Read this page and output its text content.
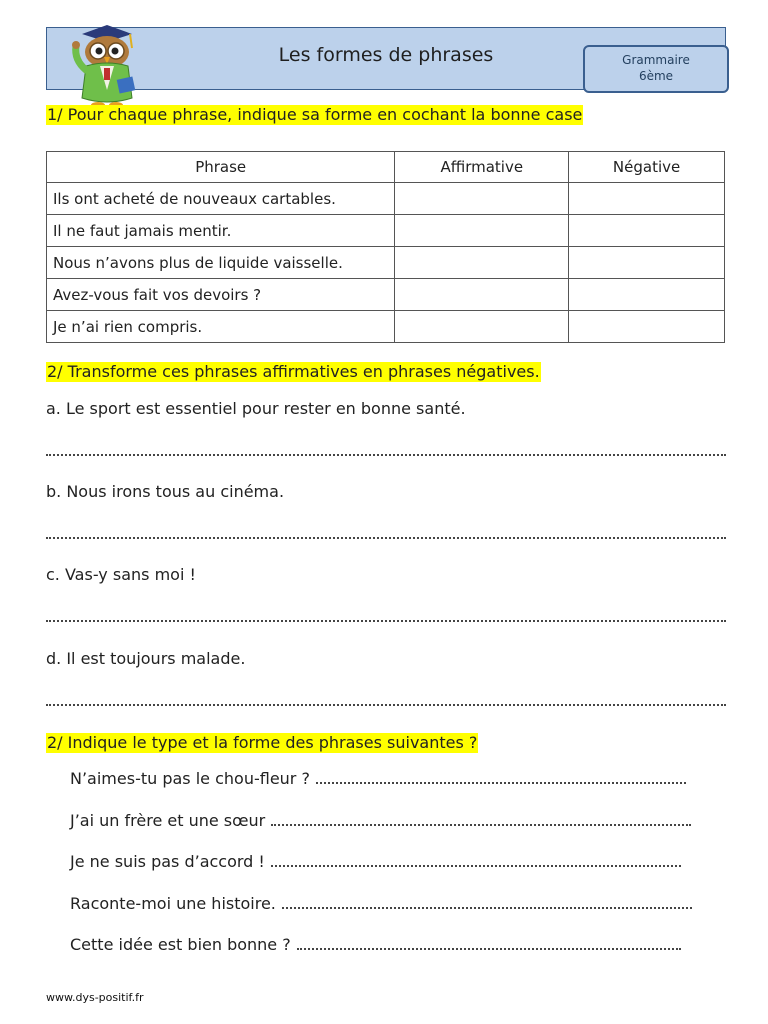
Les formes de phrases	Grammaire
6ème
1/ Pour chaque phrase, indique sa forme en cochant la bonne case
Phrase	Affirmative	Négative
Ils ont acheté de nouveaux cartables.		
Il ne faut jamais mentir.		
Nous n’avons plus de liquide vaisselle.		
Avez-vous fait vos devoirs ?		
Je n’ai rien compris.		
2/ Transforme ces phrases affirmatives en phrases négatives.
a. Le sport est essentiel pour rester en bonne santé.
b. Nous irons tous au cinéma.
c. Vas-y sans moi !
d. Il est toujours malade.
2/ Indique le type et la forme des phrases suivantes ?
N’aimes-tu pas le chou-fleur ?
J’ai un frère et une sœur
Je ne suis pas d’accord !
Raconte-moi une histoire.
Cette idée est bien bonne ?
www.dys-positif.fr
